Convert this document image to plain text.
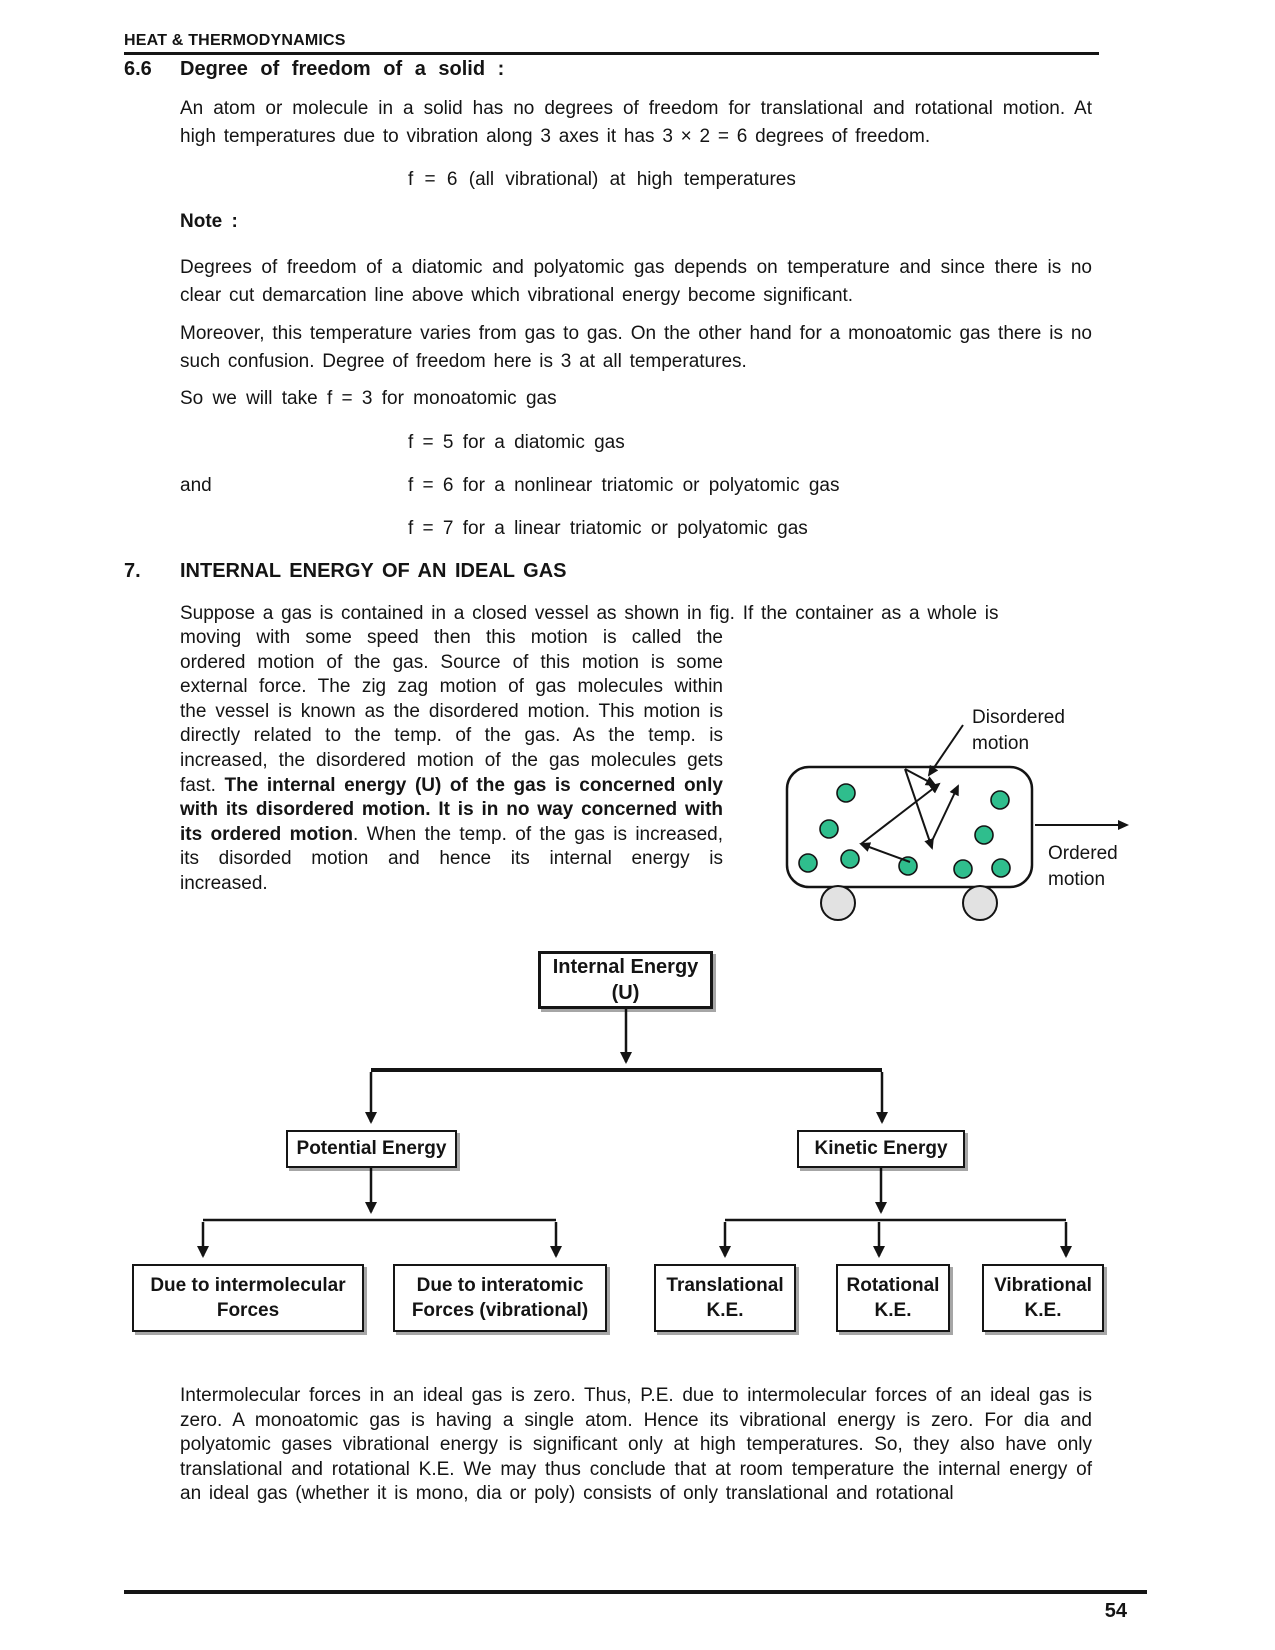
HEAT & THERMODYNAMICS
6.6 Degree of freedom of a solid :
An atom or molecule in a solid has no degrees of freedom for translational and rotational motion. At high temperatures due to vibration along 3 axes it has 3 × 2 = 6 degrees of freedom.
f = 6 (all vibrational) at high temperatures
Note :
Degrees of freedom of a diatomic and polyatomic gas depends on temperature and since there is no clear cut demarcation line above which vibrational energy become significant.
Moreover, this temperature varies from gas to gas. On the other hand for a monoatomic gas there is no such confusion. Degree of freedom here is 3 at all temperatures.
So we will take f = 3 for monoatomic gas
f = 5 for a diatomic gas
and	f = 6 for a nonlinear triatomic or polyatomic gas
f = 7 for a linear triatomic or polyatomic gas
7. INTERNAL ENERGY OF AN IDEAL GAS
Suppose a gas is contained in a closed vessel as shown in fig. If the container as a whole is
moving with some speed then this motion is called the ordered motion of the gas. Source of this motion is some external force. The zig zag motion of gas molecules within the vessel is known as the disordered motion. This motion is directly related to the temp. of the gas. As the temp. is increased, the disordered motion of the gas molecules gets fast. The internal energy (U) of the gas is concerned only with its disordered motion. It is in no way concerned with its ordered motion. When the temp. of the gas is increased, its disorded motion and hence its internal energy is increased.
Disordered
motion
Ordered
motion
Internal Energy
(U)
Potential Energy	Kinetic Energy
Due to intermolecular
Forces
Due to interatomic
Forces (vibrational)
Translational
K.E.
Rotational
K.E.
Vibrational
K.E.
Intermolecular forces in an ideal gas is zero. Thus, P.E. due to intermolecular forces of an ideal gas is zero. A monoatomic gas is having a single atom. Hence its vibrational energy is zero. For dia and polyatomic gases vibrational energy is significant only at high temperatures. So, they also have only translational and rotational K.E. We may thus conclude that at room temperature the internal energy of an ideal gas (whether it is mono, dia or poly) consists of only translational and rotational
54
